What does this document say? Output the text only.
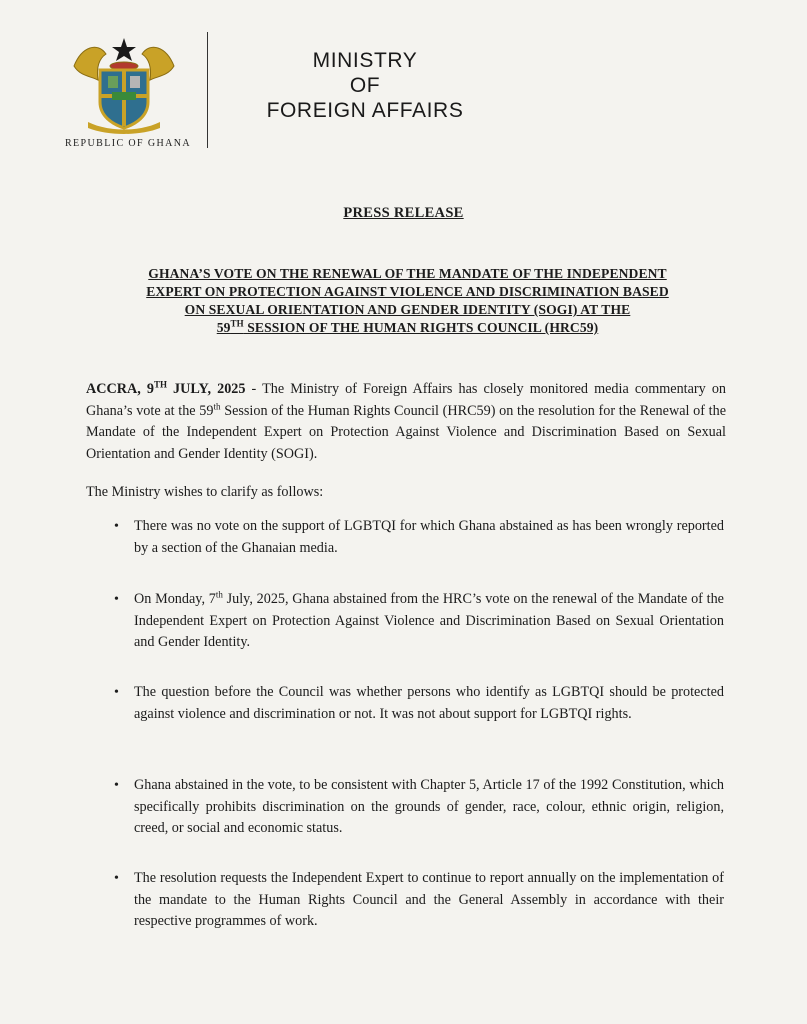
REPUBLIC OF GHANA
MINISTRY
OF
FOREIGN AFFAIRS
PRESS RELEASE
GHANA’S VOTE ON THE RENEWAL OF THE MANDATE OF THE INDEPENDENT
EXPERT ON PROTECTION AGAINST VIOLENCE AND DISCRIMINATION BASED
ON SEXUAL ORIENTATION AND GENDER IDENTITY (SOGI) AT THE
59TH SESSION OF THE HUMAN RIGHTS COUNCIL (HRC59)
ACCRA, 9TH JULY, 2025 - The Ministry of Foreign Affairs has closely monitored media commentary on Ghana’s vote at the 59th Session of the Human Rights Council (HRC59) on the resolution for the Renewal of the Mandate of the Independent Expert on Protection Against Violence and Discrimination Based on Sexual Orientation and Gender Identity (SOGI).
The Ministry wishes to clarify as follows:
• There was no vote on the support of LGBTQI for which Ghana abstained as has been wrongly reported by a section of the Ghanaian media.
• On Monday, 7th July, 2025, Ghana abstained from the HRC’s vote on the renewal of the Mandate of the Independent Expert on Protection Against Violence and Discrimination Based on Sexual Orientation and Gender Identity.
• The question before the Council was whether persons who identify as LGBTQI should be protected against violence and discrimination or not. It was not about support for LGBTQI rights.
• Ghana abstained in the vote, to be consistent with Chapter 5, Article 17 of the 1992 Constitution, which specifically prohibits discrimination on the grounds of gender, race, colour, ethnic origin, religion, creed, or social and economic status.
• The resolution requests the Independent Expert to continue to report annually on the implementation of the mandate to the Human Rights Council and the General Assembly in accordance with their respective programmes of work.
